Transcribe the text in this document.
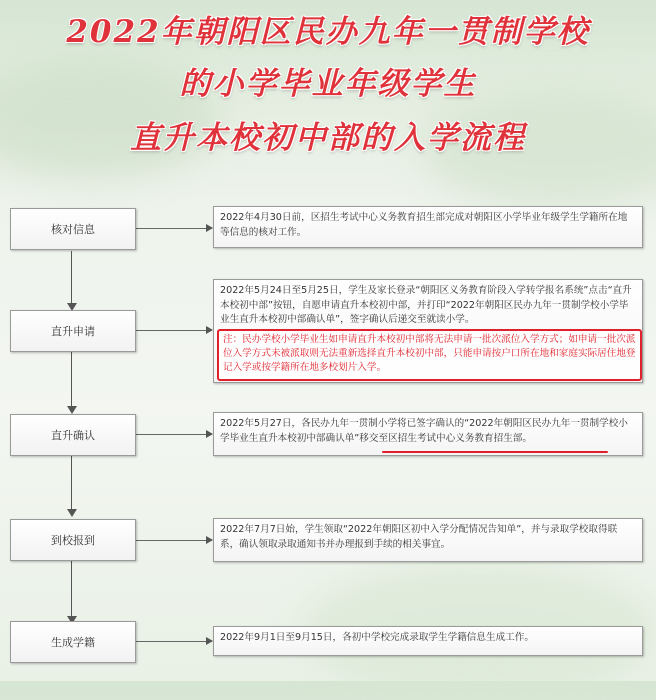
2022年朝阳区民办九年一贯制学校
的小学毕业年级学生
直升本校初中部的入学流程
核对信息
直升申请
直升确认
到校报到
生成学籍
2022年4月30日前，区招生考试中心义务教育招生部完成对朝阳区小学毕业年级学生学籍所在地等信息的核对工作。
2022年5月24日至5月25日，学生及家长登录“朝阳区义务教育阶段入学转学报名系统”点击“直升本校初中部”按钮，自愿申请直升本校初中部，并打印“2022年朝阳区民办九年一贯制学校小学毕业生直升本校初中部确认单”，签字确认后递交至就读小学。
注：民办学校小学毕业生如申请直升本校初中部将无法申请一批次派位入学方式；如申请一批次派位入学方式未被派取则无法重新选择直升本校初中部，只能申请按户口所在地和家庭实际居住地登记入学或按学籍所在地多校划片入学。
2022年5月27日，各民办九年一贯制小学将已签字确认的“2022年朝阳区民办九年一贯制学校小学毕业生直升本校初中部确认单”移交至区招生考试中心义务教育招生部。
2022年7月7日始，学生领取“2022年朝阳区初中入学分配情况告知单”，并与录取学校取得联系，确认领取录取通知书并办理报到手续的相关事宜。
2022年9月1日至9月15日，各初中学校完成录取学生学籍信息生成工作。
